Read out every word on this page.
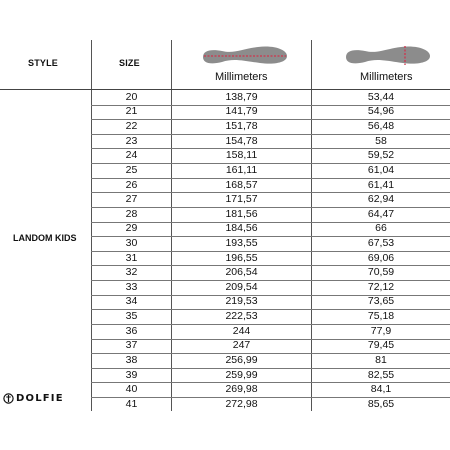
STYLE	SIZE
Millimeters	Millimeters
LANDOM KIDS
20	138,79	53,44
21	141,79	54,96
22	151,78	56,48
23	154,78	58
24	158,11	59,52
25	161,11	61,04
26	168,57	61,41
27	171,57	62,94
28	181,56	64,47
29	184,56	66
30	193,55	67,53
31	196,55	69,06
32	206,54	70,59
33	209,54	72,12
34	219,53	73,65
35	222,53	75,18
36	244	77,9
37	247	79,45
38	256,99	81
39	259,99	82,55
40	269,98	84,1
41	272,98	85,65
DOLFIE
